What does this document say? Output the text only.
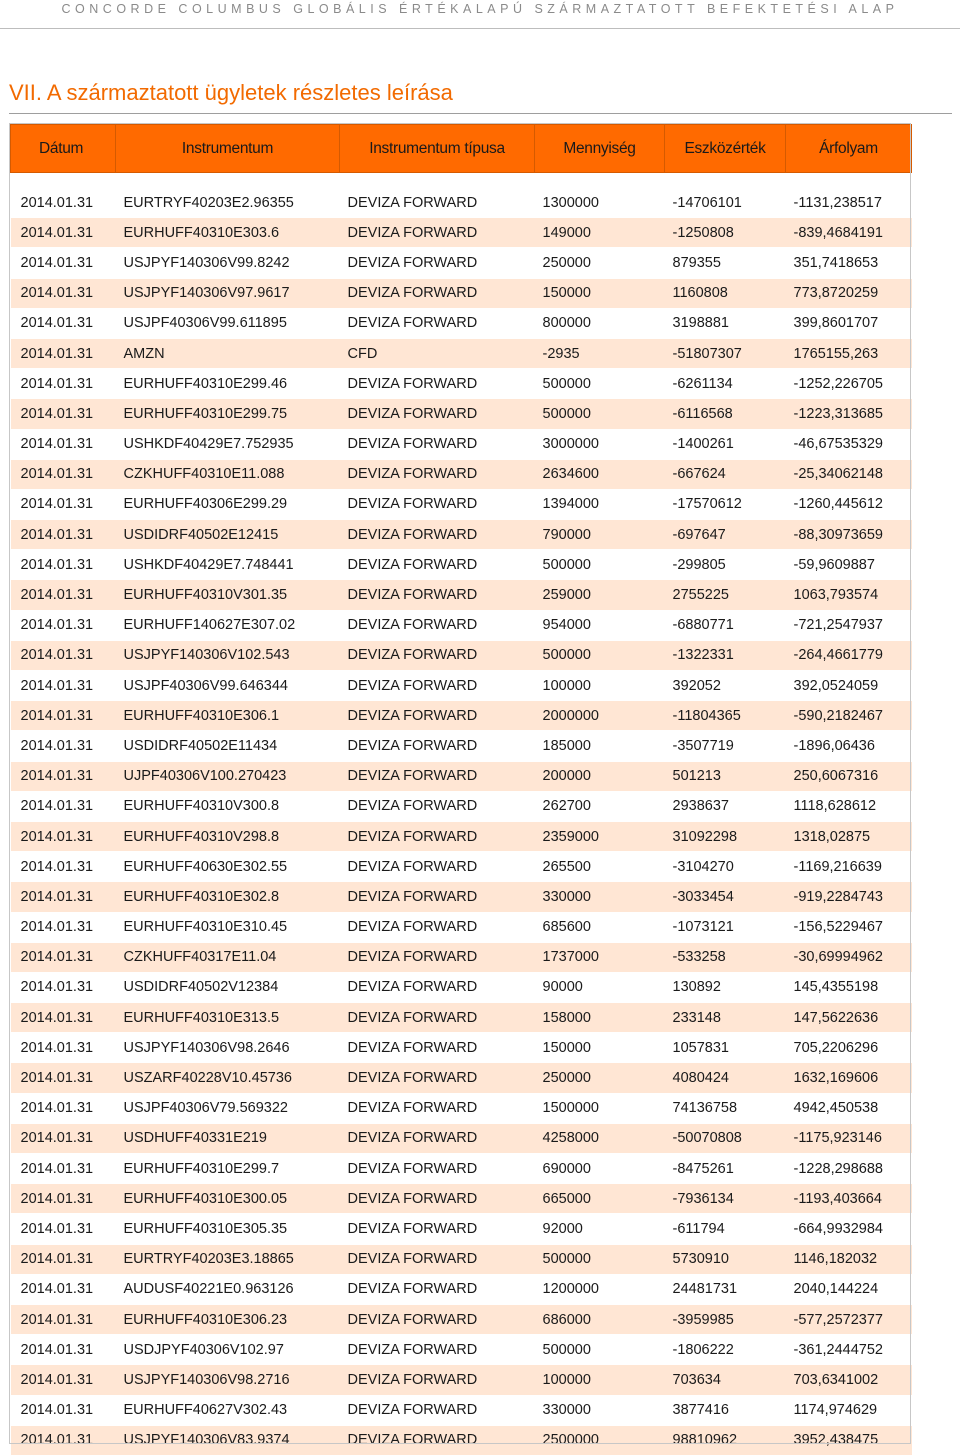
CONCORDE COLUMBUS GLOBÁLIS ÉRTÉKALAPÚ SZÁRMAZTATOTT BEFEKTETÉSI ALAP
VII. A származtatott ügyletek részletes leírása
Dátum	Instrumentum	Instrumentum típusa	Mennyiség	Eszközérték	Árfolyam

2014.01.31	EURTRYF40203E2.96355	DEVIZA FORWARD	1300000	-14706101	-1131,238517
2014.01.31	EURHUFF40310E303.6	DEVIZA FORWARD	149000	-1250808	-839,4684191
2014.01.31	USJPYF140306V99.8242	DEVIZA FORWARD	250000	879355	351,7418653
2014.01.31	USJPYF140306V97.9617	DEVIZA FORWARD	150000	1160808	773,8720259
2014.01.31	USJPF40306V99.611895	DEVIZA FORWARD	800000	3198881	399,8601707
2014.01.31	AMZN	CFD	-2935	-51807307	1765155,263
2014.01.31	EURHUFF40310E299.46	DEVIZA FORWARD	500000	-6261134	-1252,226705
2014.01.31	EURHUFF40310E299.75	DEVIZA FORWARD	500000	-6116568	-1223,313685
2014.01.31	USHKDF40429E7.752935	DEVIZA FORWARD	3000000	-1400261	-46,67535329
2014.01.31	CZKHUFF40310E11.088	DEVIZA FORWARD	2634600	-667624	-25,34062148
2014.01.31	EURHUFF40306E299.29	DEVIZA FORWARD	1394000	-17570612	-1260,445612
2014.01.31	USDIDRF40502E12415	DEVIZA FORWARD	790000	-697647	-88,30973659
2014.01.31	USHKDF40429E7.748441	DEVIZA FORWARD	500000	-299805	-59,9609887
2014.01.31	EURHUFF40310V301.35	DEVIZA FORWARD	259000	2755225	1063,793574
2014.01.31	EURHUFF140627E307.02	DEVIZA FORWARD	954000	-6880771	-721,2547937
2014.01.31	USJPYF140306V102.543	DEVIZA FORWARD	500000	-1322331	-264,4661779
2014.01.31	USJPF40306V99.646344	DEVIZA FORWARD	100000	392052	392,0524059
2014.01.31	EURHUFF40310E306.1	DEVIZA FORWARD	2000000	-11804365	-590,2182467
2014.01.31	USDIDRF40502E11434	DEVIZA FORWARD	185000	-3507719	-1896,06436
2014.01.31	UJPF40306V100.270423	DEVIZA FORWARD	200000	501213	250,6067316
2014.01.31	EURHUFF40310V300.8	DEVIZA FORWARD	262700	2938637	1118,628612
2014.01.31	EURHUFF40310V298.8	DEVIZA FORWARD	2359000	31092298	1318,02875
2014.01.31	EURHUFF40630E302.55	DEVIZA FORWARD	265500	-3104270	-1169,216639
2014.01.31	EURHUFF40310E302.8	DEVIZA FORWARD	330000	-3033454	-919,2284743
2014.01.31	EURHUFF40310E310.45	DEVIZA FORWARD	685600	-1073121	-156,5229467
2014.01.31	CZKHUFF40317E11.04	DEVIZA FORWARD	1737000	-533258	-30,69994962
2014.01.31	USDIDRF40502V12384	DEVIZA FORWARD	90000	130892	145,4355198
2014.01.31	EURHUFF40310E313.5	DEVIZA FORWARD	158000	233148	147,5622636
2014.01.31	USJPYF140306V98.2646	DEVIZA FORWARD	150000	1057831	705,2206296
2014.01.31	USZARF40228V10.45736	DEVIZA FORWARD	250000	4080424	1632,169606
2014.01.31	USJPF40306V79.569322	DEVIZA FORWARD	1500000	74136758	4942,450538
2014.01.31	USDHUFF40331E219	DEVIZA FORWARD	4258000	-50070808	-1175,923146
2014.01.31	EURHUFF40310E299.7	DEVIZA FORWARD	690000	-8475261	-1228,298688
2014.01.31	EURHUFF40310E300.05	DEVIZA FORWARD	665000	-7936134	-1193,403664
2014.01.31	EURHUFF40310E305.35	DEVIZA FORWARD	92000	-611794	-664,9932984
2014.01.31	EURTRYF40203E3.18865	DEVIZA FORWARD	500000	5730910	1146,182032
2014.01.31	AUDUSF40221E0.963126	DEVIZA FORWARD	1200000	24481731	2040,144224
2014.01.31	EURHUFF40310E306.23	DEVIZA FORWARD	686000	-3959985	-577,2572377
2014.01.31	USDJPYF40306V102.97	DEVIZA FORWARD	500000	-1806222	-361,2444752
2014.01.31	USJPYF140306V98.2716	DEVIZA FORWARD	100000	703634	703,6341002
2014.01.31	EURHUFF40627V302.43	DEVIZA FORWARD	330000	3877416	1174,974629
2014.01.31	USJPYF140306V83.9374	DEVIZA FORWARD	2500000	98810962	3952,438475
